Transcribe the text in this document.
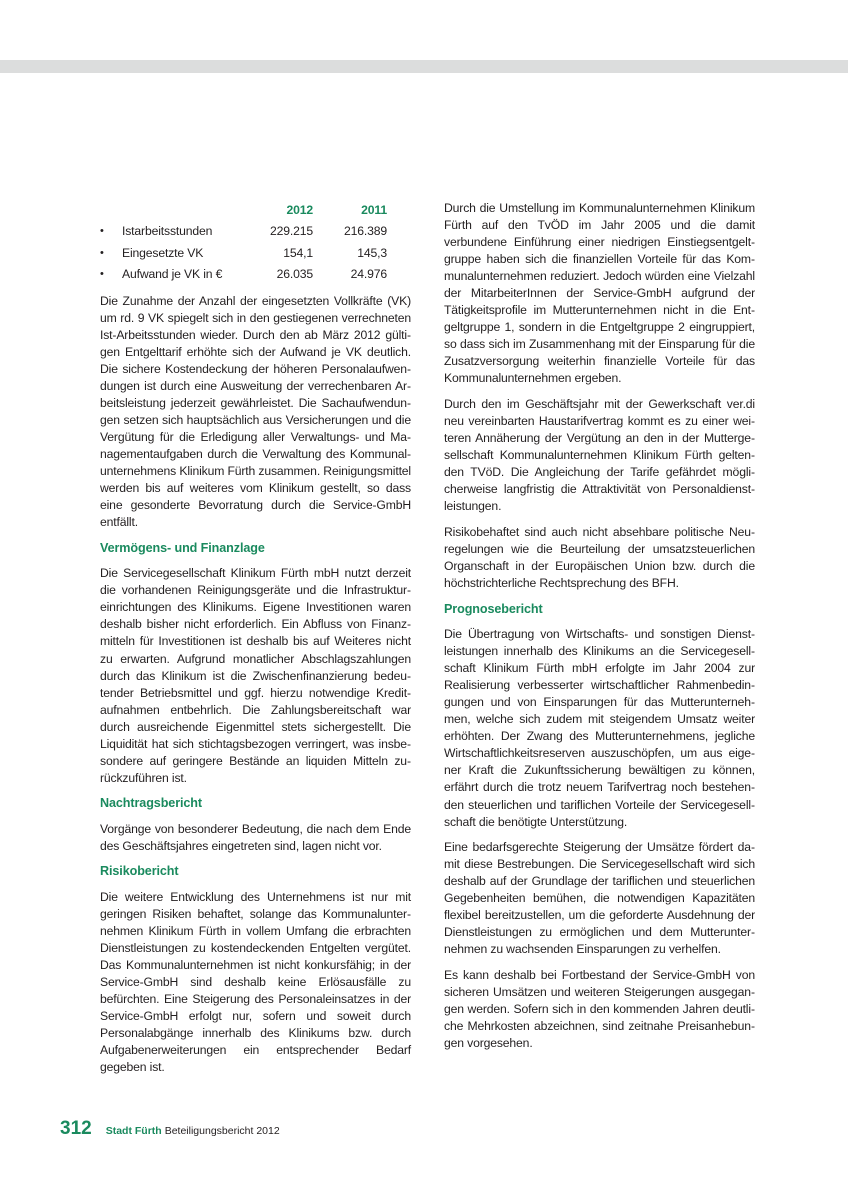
		2012	2011
•	Istarbeitsstunden	229.215	216.389
•	Eingesetzte VK	154,1	145,3
•	Aufwand je VK in €	26.035	24.976

Die Zunahme der Anzahl der eingesetzten Vollkräfte (VK) um rd. 9 VK spiegelt sich in den gestiegenen verrechneten Ist-Arbeitsstunden wieder. Durch den ab März 2012 gültigen Entgelttarif erhöhte sich der Aufwand je VK deutlich. Die sichere Kostendeckung der höheren Personalaufwendungen ist durch eine Ausweitung der verrechenbaren Arbeitsleistung jederzeit gewährleistet. Die Sachaufwendungen setzen sich hauptsächlich aus Versicherungen und die Vergütung für die Erledigung aller Verwaltungs- und Managementaufgaben durch die Verwaltung des Kommunalunternehmens Klinikum Fürth zusammen. Reinigungsmittel werden bis auf weiteres vom Klinikum gestellt, so dass eine gesonderte Bevorratung durch die Service-GmbH entfällt.

Vermögens- und Finanzlage

Die Servicegesellschaft Klinikum Fürth mbH nutzt derzeit die vorhandenen Reinigungsgeräte und die Infrastruktureinrichtungen des Klinikums. Eigene Investitionen waren deshalb bisher nicht erforderlich. Ein Abfluss von Finanzmitteln für Investitionen ist deshalb bis auf Weiteres nicht zu erwarten. Aufgrund monatlicher Abschlagszahlungen durch das Klinikum ist die Zwischenfinanzierung bedeutender Betriebsmittel und ggf. hierzu notwendige Kreditaufnahmen entbehrlich. Die Zahlungsbereitschaft war durch ausreichende Eigenmittel stets sichergestellt. Die Liquidität hat sich stichtagsbezogen verringert, was insbesondere auf geringere Bestände an liquiden Mitteln zurückzuführen ist.

Nachtragsbericht

Vorgänge von besonderer Bedeutung, die nach dem Ende des Geschäftsjahres eingetreten sind, lagen nicht vor.

Risikobericht

Die weitere Entwicklung des Unternehmens ist nur mit geringen Risiken behaftet, solange das Kommunalunternehmen Klinikum Fürth in vollem Umfang die erbrachten Dienstleistungen zu kostendeckenden Entgelten vergütet. Das Kommunalunternehmen ist nicht konkursfähig; in der Service-GmbH sind deshalb keine Erlösausfälle zu befürchten. Eine Steigerung des Personaleinsatzes in der Service-GmbH erfolgt nur, sofern und soweit durch Personalabgänge innerhalb des Klinikums bzw. durch Aufgabenerweiterungen ein entsprechender Bedarf gegeben ist.

Durch die Umstellung im Kommunalunternehmen Klinikum Fürth auf den TvÖD im Jahr 2005 und die damit verbundene Einführung einer niedrigen Einstiegsentgeltgruppe haben sich die finanziellen Vorteile für das Kommunalunternehmen reduziert. Jedoch würden eine Vielzahl der MitarbeiterInnen der Service-GmbH aufgrund der Tätigkeitsprofile im Mutterunternehmen nicht in die Entgeltgruppe 1, sondern in die Entgeltgruppe 2 eingruppiert, so dass sich im Zusammenhang mit der Einsparung für die Zusatzversorgung weiterhin finanzielle Vorteile für das Kommunalunternehmen ergeben.

Durch den im Geschäftsjahr mit der Gewerkschaft ver.di neu vereinbarten Haustarifvertrag kommt es zu einer weiteren Annäherung der Vergütung an den in der Muttergesellschaft Kommunalunternehmen Klinikum Fürth geltenden TVöD. Die Angleichung der Tarife gefährdet möglicherweise langfristig die Attraktivität von Personaldienstleistungen.

Risikobehaftet sind auch nicht absehbare politische Neuregelungen wie die Beurteilung der umsatzsteuerlichen Organschaft in der Europäischen Union bzw. durch die höchstrichterliche Rechtsprechung des BFH.

Prognosebericht

Die Übertragung von Wirtschafts- und sonstigen Dienstleistungen innerhalb des Klinikums an die Servicegesellschaft Klinikum Fürth mbH erfolgte im Jahr 2004 zur Realisierung verbesserter wirtschaftlicher Rahmenbedingungen und von Einsparungen für das Mutterunternehmen, welche sich zudem mit steigendem Umsatz weiter erhöhten. Der Zwang des Mutterunternehmens, jegliche Wirtschaftlichkeitsreserven auszuschöpfen, um aus eigener Kraft die Zukunftssicherung bewältigen zu können, erfährt durch die trotz neuem Tarifvertrag noch bestehenden steuerlichen und tariflichen Vorteile der Servicegesellschaft die benötigte Unterstützung.

Eine bedarfsgerechte Steigerung der Umsätze fördert damit diese Bestrebungen. Die Servicegesellschaft wird sich deshalb auf der Grundlage der tariflichen und steuerlichen Gegebenheiten bemühen, die notwendigen Kapazitäten flexibel bereitzustellen, um die geforderte Ausdehnung der Dienstleistungen zu ermöglichen und dem Mutterunternehmen zu wachsenden Einsparungen zu verhelfen.

Es kann deshalb bei Fortbestand der Service-GmbH von sicheren Umsätzen und weiteren Steigerungen ausgegangen werden. Sofern sich in den kommenden Jahren deutliche Mehrkosten abzeichnen, sind zeitnahe Preisanhebungen vorgesehen.

312 Stadt Fürth Beteiligungsbericht 2012
